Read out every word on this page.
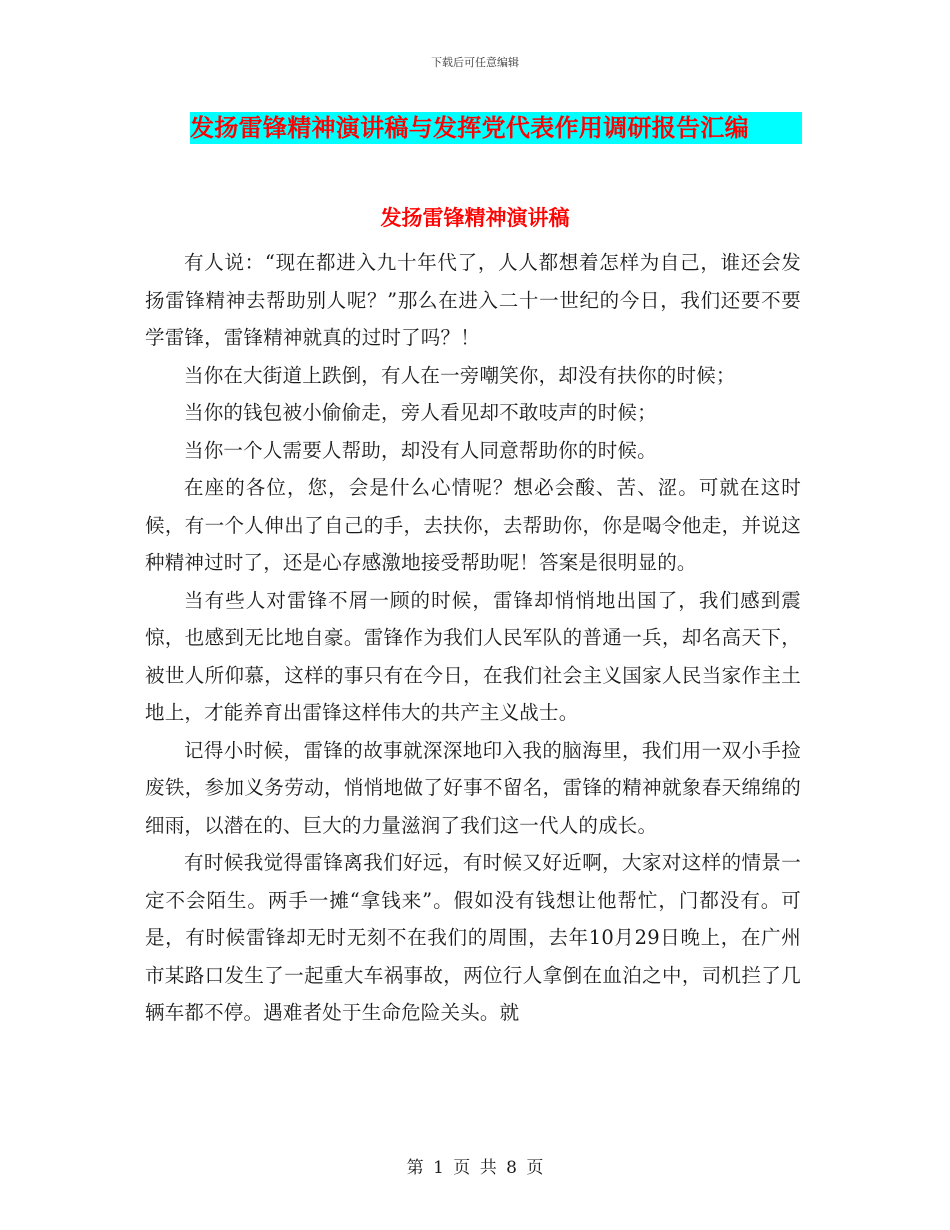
下载后可任意编辑
发扬雷锋精神演讲稿与发挥党代表作用调研报告汇编
发扬雷锋精神演讲稿

有人说：“现在都进入九十年代了，人人都想着怎样为自己，谁还会发扬雷锋精神去帮助别人呢？”那么在进入二十一世纪的今日，我们还要不要学雷锋，雷锋精神就真的过时了吗？！

当你在大街道上跌倒，有人在一旁嘲笑你，却没有扶你的时候；

当你的钱包被小偷偷走，旁人看见却不敢吱声的时候；

当你一个人需要人帮助，却没有人同意帮助你的时候。

在座的各位，您，会是什么心情呢？想必会酸、苦、涩。可就在这时候，有一个人伸出了自己的手，去扶你，去帮助你，你是喝令他走，并说这种精神过时了，还是心存感激地接受帮助呢！答案是很明显的。

当有些人对雷锋不屑一顾的时候，雷锋却悄悄地出国了，我们感到震惊，也感到无比地自豪。雷锋作为我们人民军队的普通一兵，却名高天下，被世人所仰慕，这样的事只有在今日，在我们社会主义国家人民当家作主土地上，才能养育出雷锋这样伟大的共产主义战士。

记得小时候，雷锋的故事就深深地印入我的脑海里，我们用一双小手捡废铁，参加义务劳动，悄悄地做了好事不留名，雷锋的精神就象春天绵绵的细雨，以潜在的、巨大的力量滋润了我们这一代人的成长。

有时候我觉得雷锋离我们好远，有时候又好近啊，大家对这样的情景一定不会陌生。两手一摊“拿钱来”。假如没有钱想让他帮忙，门都没有。可是，有时候雷锋却无时无刻不在我们的周围，去年10月29日晚上，在广州市某路口发生了一起重大车祸事故，两位行人拿倒在血泊之中，司机拦了几辆车都不停。遇难者处于生命危险关头。就

第 1 页 共 8 页
